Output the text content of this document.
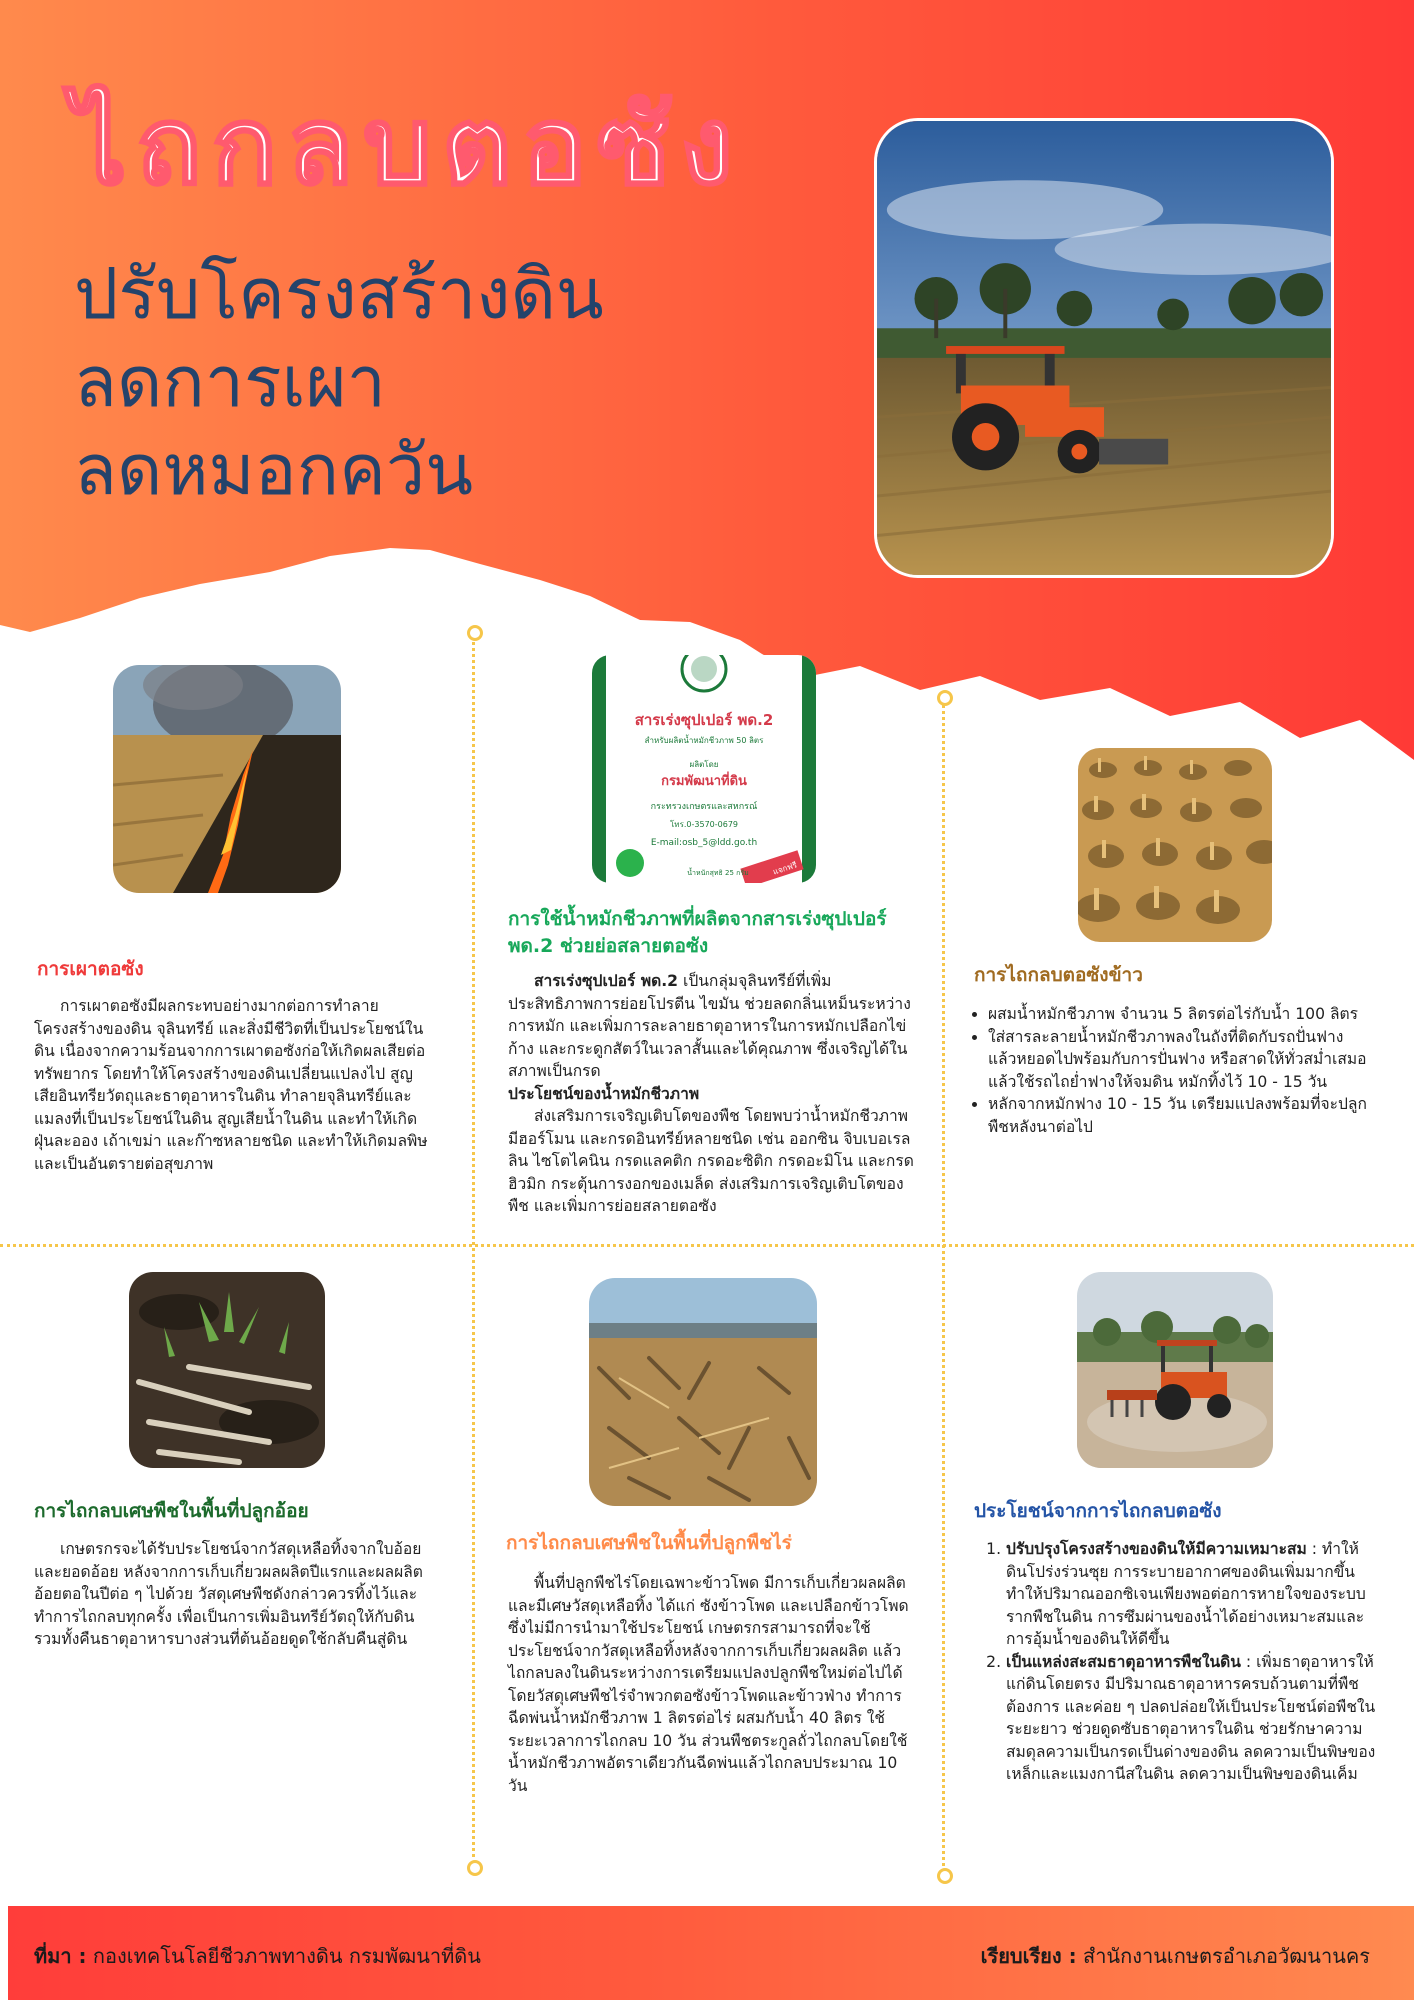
ไถกลบตอซัง
ปรับโครงสร้างดิน
ลดการเผา
ลดหมอกควัน
สารเร่งซุปเปอร์ พด.2
สำหรับผลิตน้ำหมักชีวภาพ 50 ลิตร
ผลิตโดย
กรมพัฒนาที่ดิน
กระทรวงเกษตรและสหกรณ์
โทร.0-3570-0679
E-mail:osb_5@ldd.go.th
น้ำหนักสุทธิ 25 กรัม	แจกฟรี
การเผาตอซัง

การเผาตอซังมีผลกระทบอย่างมากต่อการทำลายโครงสร้างของดิน จุลินทรีย์ และสิ่งมีชีวิตที่เป็นประโยชน์ในดิน เนื่องจากความร้อนจากการเผาตอซังก่อให้เกิดผลเสียต่อทรัพยากร โดยทำให้โครงสร้างของดินเปลี่ยนแปลงไป สูญเสียอินทรียวัตถุและธาตุอาหารในดิน ทำลายจุลินทรีย์และแมลงที่เป็นประโยชน์ในดิน สูญเสียน้ำในดิน และทำให้เกิดฝุ่นละออง เถ้าเขม่า และก๊าซหลายชนิด และทำให้เกิดมลพิษและเป็นอันตรายต่อสุขภาพ

การใช้น้ำหมักชีวภาพที่ผลิตจากสารเร่งซุปเปอร์ พด.2 ช่วยย่อสลายตอซัง

สารเร่งซุปเปอร์ พด.2 เป็นกลุ่มจุลินทรีย์ที่เพิ่มประสิทธิภาพการย่อยโปรตีน ไขมัน ช่วยลดกลิ่นเหม็นระหว่างการหมัก และเพิ่มการละลายธาตุอาหารในการหมักเปลือกไข่ ก้าง และกระดูกสัตว์ในเวลาสั้นและได้คุณภาพ ซึ่งเจริญได้ในสภาพเป็นกรด

ประโยชน์ของน้ำหมักชีวภาพ

ส่งเสริมการเจริญเติบโตของพืช โดยพบว่าน้ำหมักชีวภาพมีฮอร์โมน และกรดอินทรีย์หลายชนิด เช่น ออกซิน จิบเบอเรลลิน ไซโตไคนิน กรดแลคติก กรดอะซิติก กรดอะมิโน และกรดฮิวมิก กระตุ้นการงอกของเมล็ด ส่งเสริมการเจริญเติบโตของพืช และเพิ่มการย่อยสลายตอซัง

การไถกลบตอซังข้าว
• ผสมน้ำหมักชีวภาพ จำนวน 5 ลิตรต่อไร่กับน้ำ 100 ลิตร
• ใส่สารละลายน้ำหมักชีวภาพลงในถังที่ติดกับรถปั่นฟาง แล้วหยอดไปพร้อมกับการปั่นฟาง หรือสาดให้ทั่วสม่ำเสมอ แล้วใช้รถไถย่ำฟางให้จมดิน หมักทิ้งไว้ 10 - 15 วัน
• หลักจากหมักฟาง 10 - 15 วัน เตรียมแปลงพร้อมที่จะปลูกพืชหลังนาต่อไป
การไถกลบเศษพืชในพื้นที่ปลูกอ้อย

เกษตรกรจะได้รับประโยชน์จากวัสดุเหลือทิ้งจากใบอ้อยและยอดอ้อย หลังจากการเก็บเกี่ยวผลผลิตปีแรกและผลผลิตอ้อยตอในปีต่อ ๆ ไปด้วย วัสดุเศษพืชดังกล่าวควรทิ้งไว้และทำการไถกลบทุกครั้ง เพื่อเป็นการเพิ่มอินทรีย์วัตถุให้กับดิน รวมทั้งคืนธาตุอาหารบางส่วนที่ต้นอ้อยดูดใช้กลับคืนสู่ดิน

การไถกลบเศษพืชในพื้นที่ปลูกพืชไร่

พื้นที่ปลูกพืชไร่โดยเฉพาะข้าวโพด มีการเก็บเกี่ยวผลผลิตและมีเศษวัสดุเหลือทิ้ง ได้แก่ ซังข้าวโพด และเปลือกข้าวโพด ซึ่งไม่มีการนำมาใช้ประโยชน์ เกษตรกรสามารถที่จะใช้ประโยชน์จากวัสดุเหลือทิ้งหลังจากการเก็บเกี่ยวผลผลิต แล้วไถกลบลงในดินระหว่างการเตรียมแปลงปลูกพืชใหม่ต่อไปได้ โดยวัสดุเศษพืชไร่จำพวกตอซังข้าวโพดและข้าวฟ่าง ทำการฉีดพ่นน้ำหมักชีวภาพ 1 ลิตรต่อไร่ ผสมกับน้ำ 40 ลิตร ใช้ระยะเวลาการไถกลบ 10 วัน ส่วนพืชตระกูลถั่วไถกลบโดยใช้น้ำหมักชีวภาพอัตราเดียวกันฉีดพ่นแล้วไถกลบประมาณ 10 วัน

ประโยชน์จากการไถกลบตอซัง
1. ปรับปรุงโครงสร้างของดินให้มีความเหมาะสม : ทำให้ดินโปร่งร่วนซุย การระบายอากาศของดินเพิ่มมากขึ้น ทำให้ปริมาณออกซิเจนเพียงพอต่อการหายใจของระบบรากพืชในดิน การซึมผ่านของน้ำได้อย่างเหมาะสมและการอุ้มน้ำของดินให้ดีขึ้น
2. เป็นแหล่งสะสมธาตุอาหารพืชในดิน : เพิ่มธาตุอาหารให้แก่ดินโดยตรง มีปริมาณธาตุอาหารครบถ้วนตามที่พืชต้องการ และค่อย ๆ ปลดปล่อยให้เป็นประโยชน์ต่อพืชในระยะยาว ช่วยดูดซับธาตุอาหารในดิน ช่วยรักษาความสมดุลความเป็นกรดเป็นด่างของดิน ลดความเป็นพิษของเหล็กและแมงกานีสในดิน ลดความเป็นพิษของดินเค็ม
ที่มา : กองเทคโนโลยีชีวภาพทางดิน กรมพัฒนาที่ดิน	เรียบเรียง : สำนักงานเกษตรอำเภอวัฒนานคร
